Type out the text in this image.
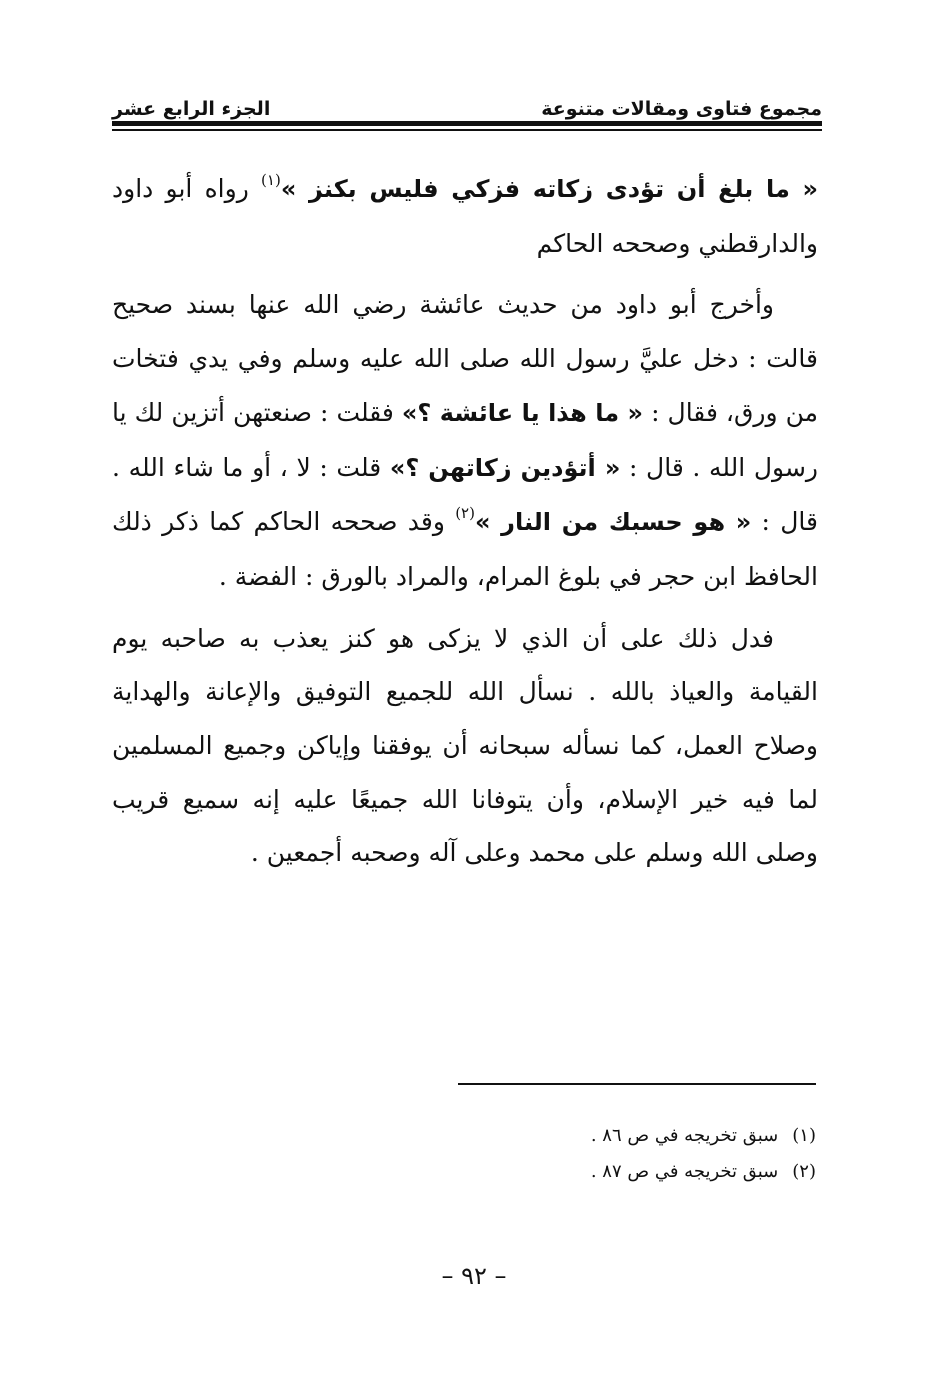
مجموع فتاوى ومقالات متنوعة
الجزء الرابع عشر

« ما بلغ أن تؤدى زكاته فزكي فليس بكنز »$^{(١)}$ رواه أبو داود والدارقطني وصححه الحاكم

وأخرج أبو داود من حديث عائشة رضي الله عنها بسند صحيح قالت : دخل عليَّ رسول الله صلى الله عليه وسلم وفي يدي فتخات من ورق، فقال : « ما هذا يا عائشة ؟» فقلت : صنعتهن أتزين لك يا رسول الله . قال : « أتؤدين زكاتهن ؟» قلت : لا ، أو ما شاء الله . قال : « هو حسبك من النار »$^{(٢)}$ وقد صححه الحاكم كما ذكر ذلك الحافظ ابن حجر في بلوغ المرام، والمراد بالورق : الفضة .

فدل ذلك على أن الذي لا يزكى هو كنز يعذب به صاحبه يوم القيامة والعياذ بالله . نسأل الله للجميع التوفيق والإعانة والهداية وصلاح العمل، كما نسأله سبحانه أن يوفقنا وإياكن وجميع المسلمين لما فيه خير الإسلام، وأن يتوفانا الله جميعًا عليه إنه سميع قريب وصلى الله وسلم على محمد وعلى آله وصحبه أجمعين .

(١)
سبق تخريجه في ص ٨٦ .
(٢)
سبق تخريجه في ص ٨٧ .
– ٩٢ –
